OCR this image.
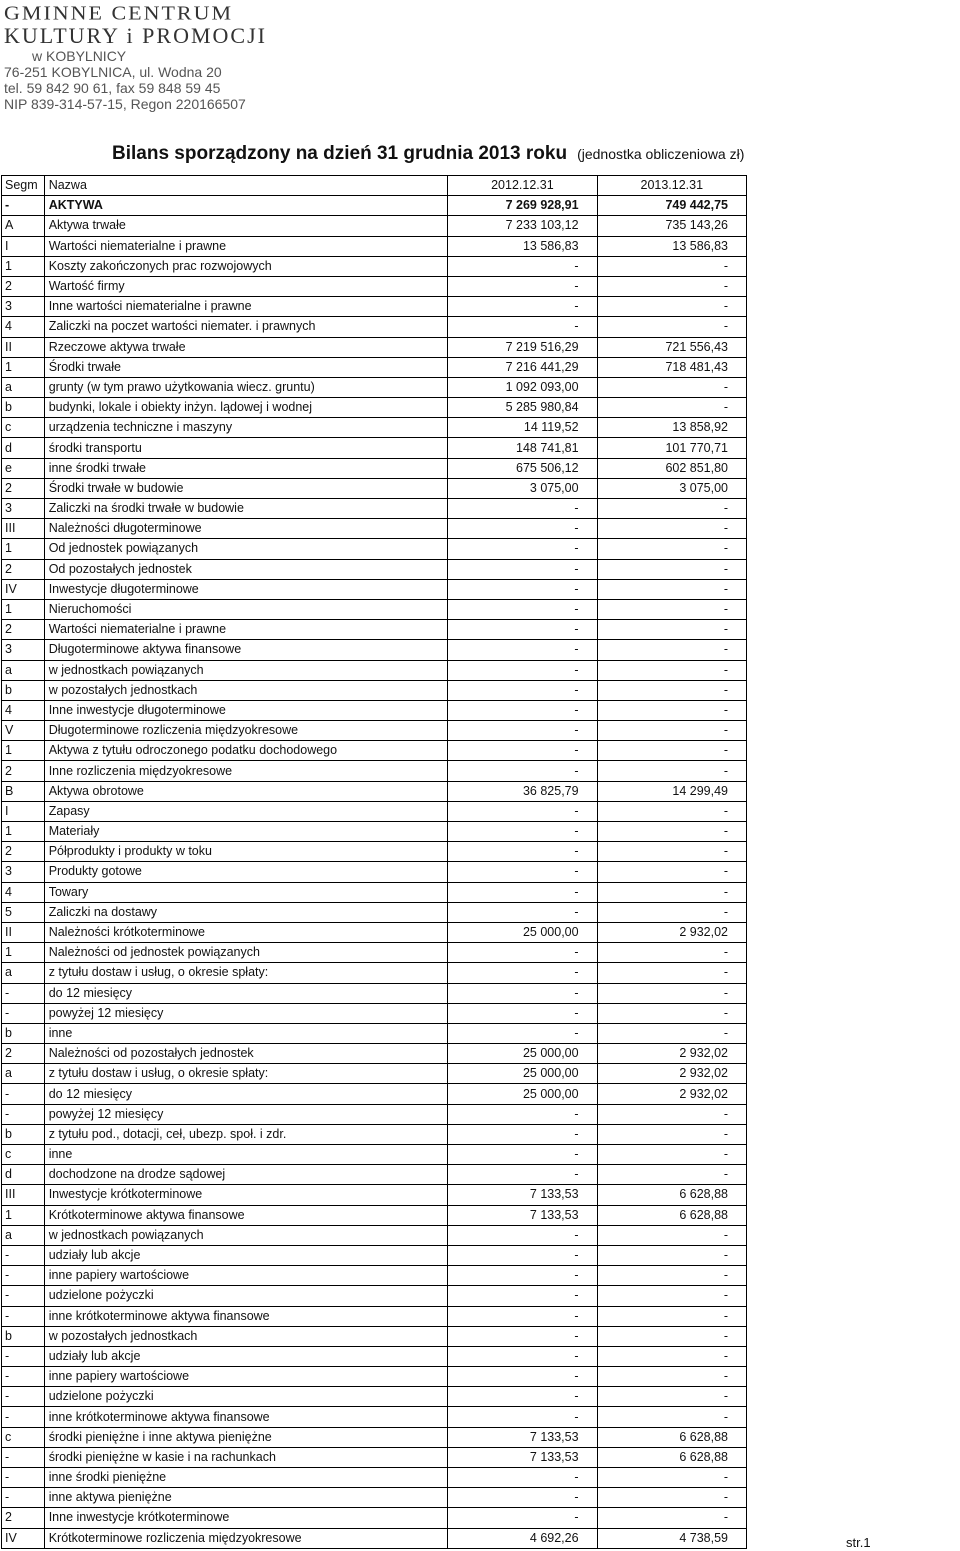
GMINNE CENTRUM
KULTURY i PROMOCJI
w KOBYLNICY
76-251 KOBYLNICA, ul. Wodna 20
tel. 59 842 90 61, fax 59 848 59 45
NIP 839-314-57-15, Regon 220166507
Bilans sporządzony na dzień 31 grudnia 2013 roku (jednostka obliczeniowa zł)
Segm	Nazwa	2012.12.31	2013.12.31
-	AKTYWA	7 269 928,91	749 442,75
A	Aktywa trwałe	7 233 103,12	735 143,26
I	Wartości niematerialne i prawne	13 586,83	13 586,83
1	Koszty zakończonych prac rozwojowych	-	-
2	Wartość firmy	-	-
3	Inne wartości niematerialne i prawne	-	-
4	Zaliczki na poczet wartości niemater. i prawnych	-	-
II	Rzeczowe aktywa trwałe	7 219 516,29	721 556,43
1	Środki trwałe	7 216 441,29	718 481,43
a	grunty (w tym prawo użytkowania wiecz. gruntu)	1 092 093,00	-
b	budynki, lokale i obiekty inżyn. lądowej i wodnej	5 285 980,84	-
c	urządzenia techniczne i maszyny	14 119,52	13 858,92
d	środki transportu	148 741,81	101 770,71
e	inne środki trwałe	675 506,12	602 851,80
2	Środki trwałe w budowie	3 075,00	3 075,00
3	Zaliczki na środki trwałe w budowie	-	-
III	Należności długoterminowe	-	-
1	Od jednostek powiązanych	-	-
2	Od pozostałych jednostek	-	-
IV	Inwestycje długoterminowe	-	-
1	Nieruchomości	-	-
2	Wartości niematerialne i prawne	-	-
3	Długoterminowe aktywa finansowe	-	-
a	w jednostkach powiązanych	-	-
b	w pozostałych jednostkach	-	-
4	Inne inwestycje długoterminowe	-	-
V	Długoterminowe rozliczenia międzyokresowe	-	-
1	Aktywa z tytułu odroczonego podatku dochodowego	-	-
2	Inne rozliczenia międzyokresowe	-	-
B	Aktywa obrotowe	36 825,79	14 299,49
I	Zapasy	-	-
1	Materiały	-	-
2	Półprodukty i produkty w toku	-	-
3	Produkty gotowe	-	-
4	Towary	-	-
5	Zaliczki na dostawy	-	-
II	Należności krótkoterminowe	25 000,00	2 932,02
1	Należności od jednostek powiązanych	-	-
a	z tytułu dostaw i usług, o okresie spłaty:	-	-
-	do 12 miesięcy	-	-
-	powyżej 12 miesięcy	-	-
b	inne	-	-
2	Należności od pozostałych jednostek	25 000,00	2 932,02
a	z tytułu dostaw i usług, o okresie spłaty:	25 000,00	2 932,02
-	do 12 miesięcy	25 000,00	2 932,02
-	powyżej 12 miesięcy	-	-
b	z tytułu pod., dotacji, ceł, ubezp. społ. i zdr.	-	-
c	inne	-	-
d	dochodzone na drodze sądowej	-	-
III	Inwestycje krótkoterminowe	7 133,53	6 628,88
1	Krótkoterminowe aktywa finansowe	7 133,53	6 628,88
a	w jednostkach powiązanych	-	-
-	udziały lub akcje	-	-
-	inne papiery wartościowe	-	-
-	udzielone pożyczki	-	-
-	inne krótkoterminowe aktywa finansowe	-	-
b	w pozostałych jednostkach	-	-
-	udziały lub akcje	-	-
-	inne papiery wartościowe	-	-
-	udzielone pożyczki	-	-
-	inne krótkoterminowe aktywa finansowe	-	-
c	środki pieniężne i inne aktywa pieniężne	7 133,53	6 628,88
-	środki pieniężne w kasie i na rachunkach	7 133,53	6 628,88
-	inne środki pieniężne	-	-
-	inne aktywa pieniężne	-	-
2	Inne inwestycje krótkoterminowe	-	-
IV	Krótkoterminowe rozliczenia międzyokresowe	4 692,26	4 738,59	str.1
